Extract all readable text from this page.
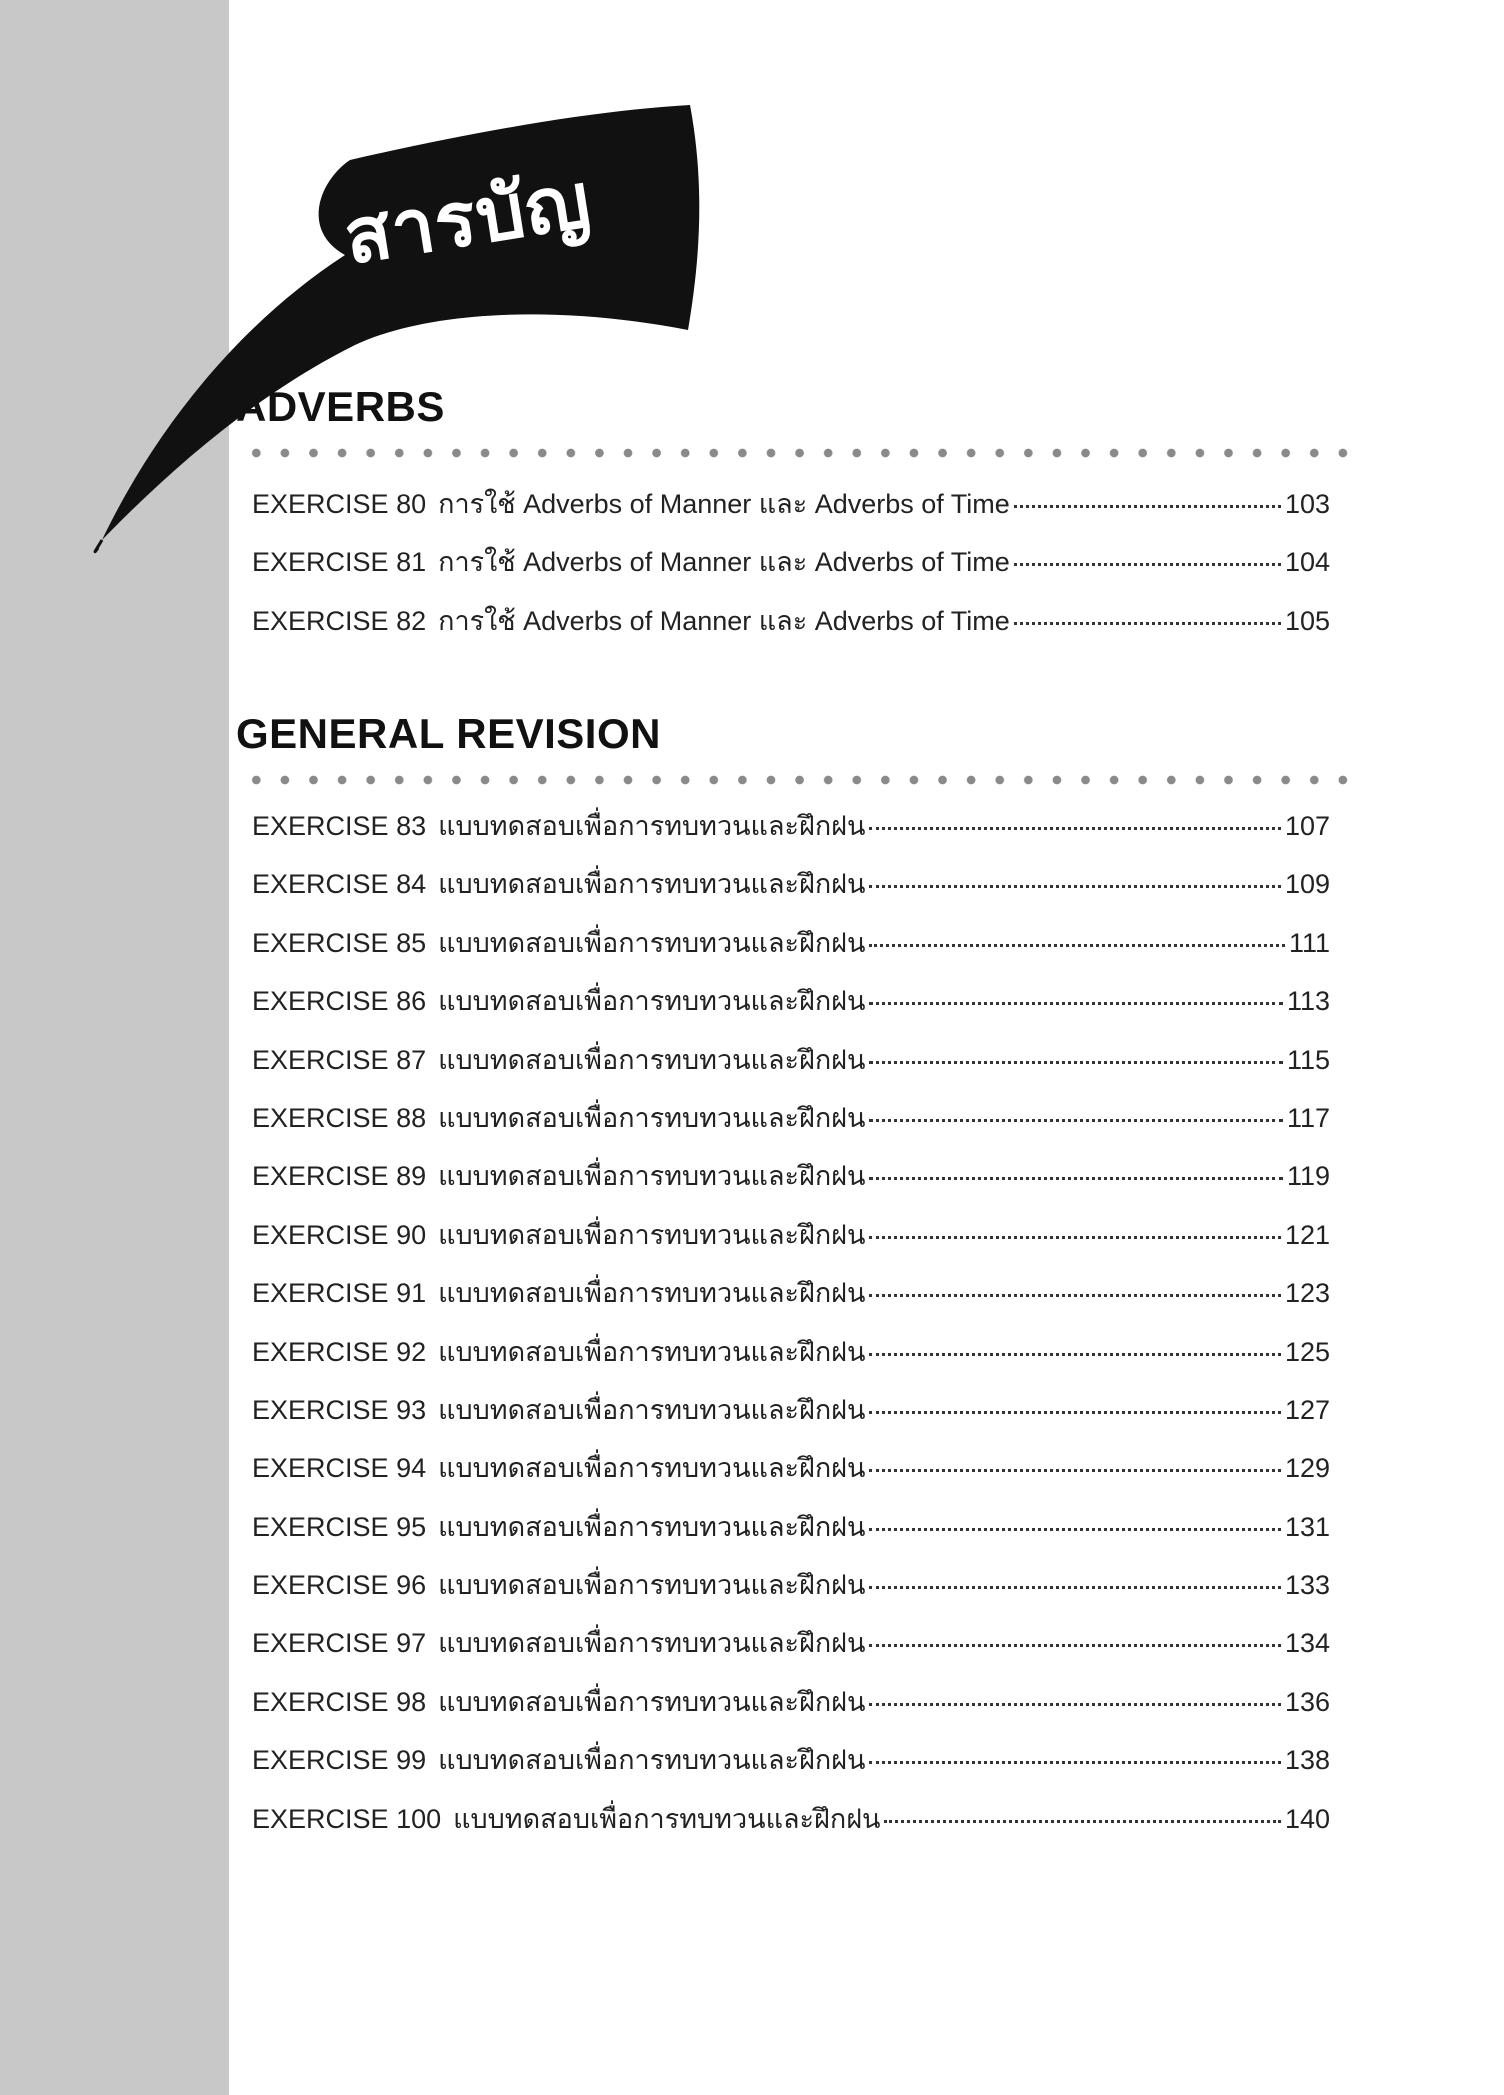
สารบัญ
ADVERBS
EXERCISE 80 การใช้ Adverbs of Manner และ Adverbs of Time	103
EXERCISE 81 การใช้ Adverbs of Manner และ Adverbs of Time	104
EXERCISE 82 การใช้ Adverbs of Manner และ Adverbs of Time	105
GENERAL REVISION
EXERCISE 83 แบบทดสอบเพื่อการทบทวนและฝึกฝน	107
EXERCISE 84 แบบทดสอบเพื่อการทบทวนและฝึกฝน	109
EXERCISE 85 แบบทดสอบเพื่อการทบทวนและฝึกฝน	111
EXERCISE 86 แบบทดสอบเพื่อการทบทวนและฝึกฝน	113
EXERCISE 87 แบบทดสอบเพื่อการทบทวนและฝึกฝน	115
EXERCISE 88 แบบทดสอบเพื่อการทบทวนและฝึกฝน	117
EXERCISE 89 แบบทดสอบเพื่อการทบทวนและฝึกฝน	119
EXERCISE 90 แบบทดสอบเพื่อการทบทวนและฝึกฝน	121
EXERCISE 91 แบบทดสอบเพื่อการทบทวนและฝึกฝน	123
EXERCISE 92 แบบทดสอบเพื่อการทบทวนและฝึกฝน	125
EXERCISE 93 แบบทดสอบเพื่อการทบทวนและฝึกฝน	127
EXERCISE 94 แบบทดสอบเพื่อการทบทวนและฝึกฝน	129
EXERCISE 95 แบบทดสอบเพื่อการทบทวนและฝึกฝน	131
EXERCISE 96 แบบทดสอบเพื่อการทบทวนและฝึกฝน	133
EXERCISE 97 แบบทดสอบเพื่อการทบทวนและฝึกฝน	134
EXERCISE 98 แบบทดสอบเพื่อการทบทวนและฝึกฝน	136
EXERCISE 99 แบบทดสอบเพื่อการทบทวนและฝึกฝน	138
EXERCISE 100 แบบทดสอบเพื่อการทบทวนและฝึกฝน	140
